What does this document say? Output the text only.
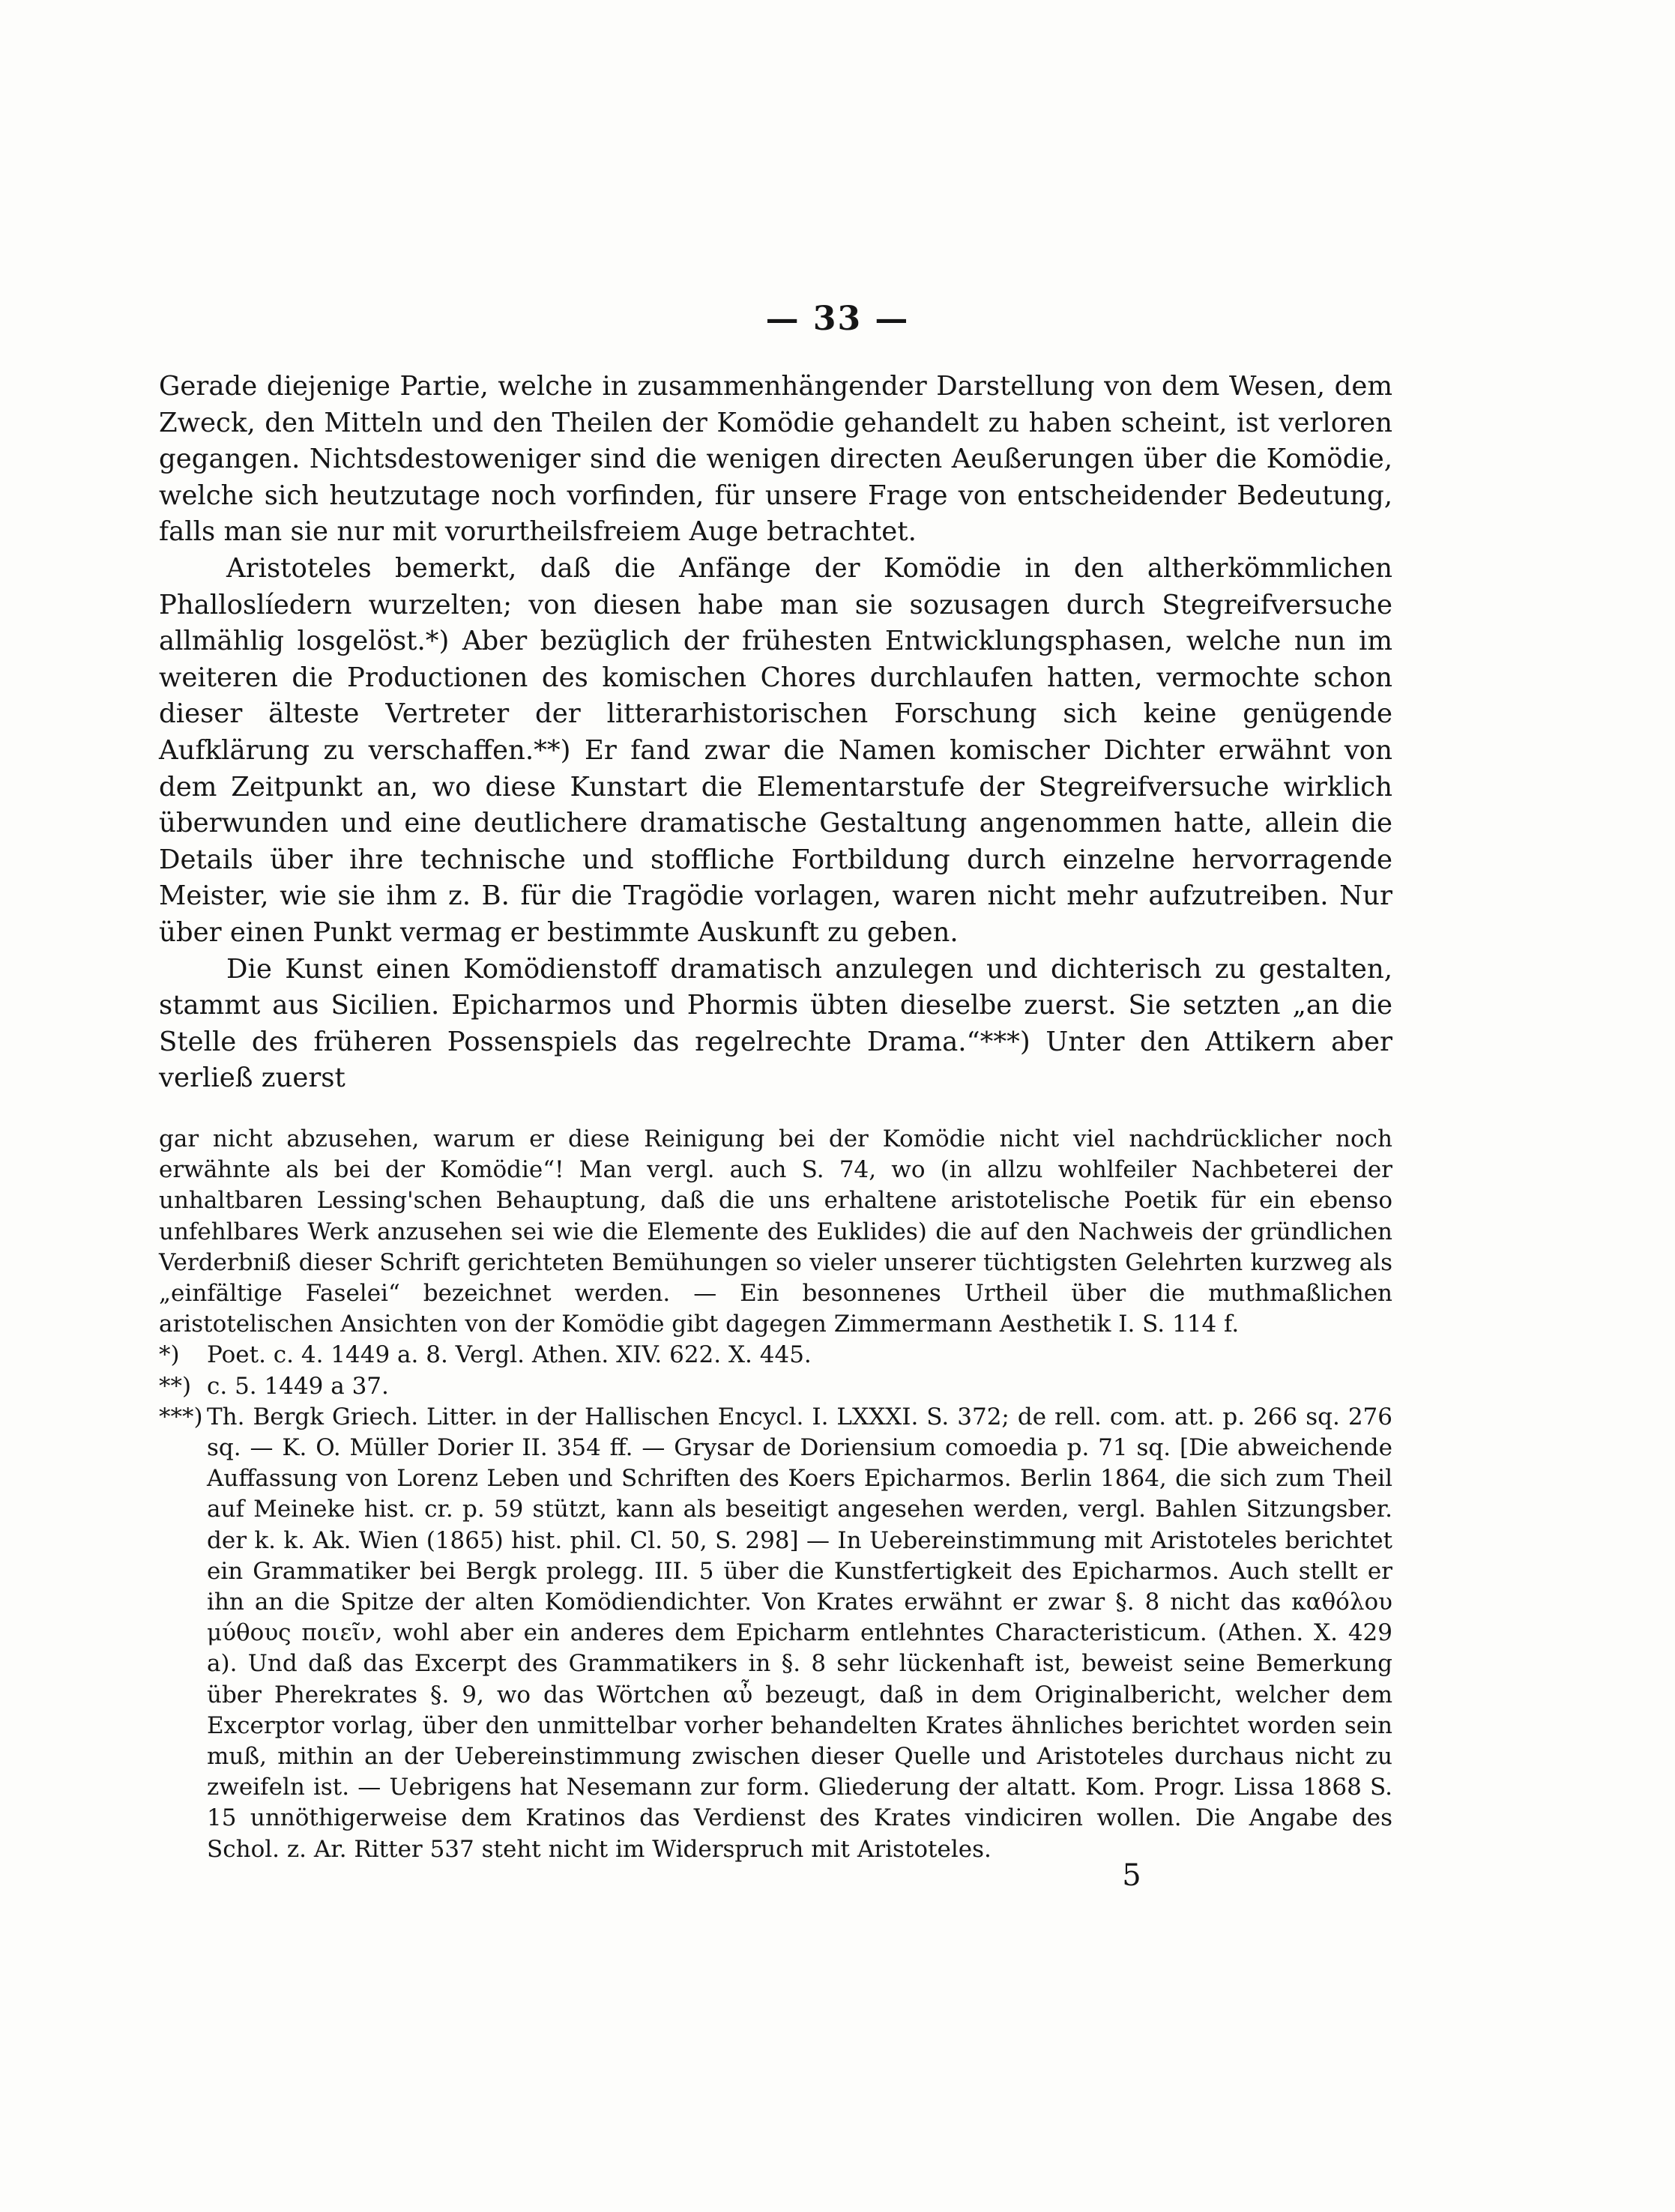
— 33 —

Gerade diejenige Partie, welche in zusammenhängender Darstellung von dem Wesen, dem Zweck, den Mitteln und den Theilen der Komödie gehandelt zu haben scheint, ist verloren gegangen. Nichtsdestoweniger sind die wenigen directen Aeußerungen über die Komödie, welche sich heutzutage noch vorfinden, für unsere Frage von entscheidender Bedeutung, falls man sie nur mit vorurtheilsfreiem Auge betrachtet.

Aristoteles bemerkt, daß die Anfänge der Komödie in den altherkömmlichen Phalloslíedern wurzelten; von diesen habe man sie sozusagen durch Stegreifversuche allmählig losgelöst.*) Aber bezüglich der frühesten Entwicklungsphasen, welche nun im weiteren die Productionen des komischen Chores durchlaufen hatten, vermochte schon dieser älteste Vertreter der litterarhistorischen Forschung sich keine genügende Aufklärung zu verschaffen.**) Er fand zwar die Namen komischer Dichter erwähnt von dem Zeitpunkt an, wo diese Kunstart die Elementarstufe der Stegreifversuche wirklich überwunden und eine deutlichere dramatische Gestaltung angenommen hatte, allein die Details über ihre technische und stoffliche Fortbildung durch einzelne hervorragende Meister, wie sie ihm z. B. für die Tragödie vorlagen, waren nicht mehr aufzutreiben. Nur über einen Punkt vermag er bestimmte Auskunft zu geben.

Die Kunst einen Komödienstoff dramatisch anzulegen und dichterisch zu gestalten, stammt aus Sicilien. Epicharmos und Phormis übten dieselbe zuerst. Sie setzten „an die Stelle des früheren Possenspiels das regelrechte Drama.“***) Unter den Attikern aber verließ zuerst

gar nicht abzusehen, warum er diese Reinigung bei der Komödie nicht viel nachdrücklicher noch erwähnte als bei der Komödie“! Man vergl. auch S. 74, wo (in allzu wohlfeiler Nachbeterei der unhaltbaren Lessing'schen Behauptung, daß die uns erhaltene aristotelische Poetik für ein ebenso unfehlbares Werk anzusehen sei wie die Elemente des Euklides) die auf den Nachweis der gründlichen Verderbniß dieser Schrift gerichteten Bemühungen so vieler unserer tüchtigsten Gelehrten kurzweg als „einfältige Faselei“ bezeichnet werden. — Ein besonnenes Urtheil über die muthmaßlichen aristotelischen Ansichten von der Komödie gibt dagegen Zimmermann Aesthetik I. S. 114 f.

*) Poet. c. 4. 1449 a. 8. Vergl. Athen. XIV. 622. X. 445.

**) c. 5. 1449 a 37.

***) Th. Bergk Griech. Litter. in der Hallischen Encycl. I. LXXXI. S. 372; de rell. com. att. p. 266 sq. 276 sq. — K. O. Müller Dorier II. 354 ff. — Grysar de Doriensium comoedia p. 71 sq. [Die abweichende Auffassung von Lorenz Leben und Schriften des Koers Epicharmos. Berlin 1864, die sich zum Theil auf Meineke hist. cr. p. 59 stützt, kann als beseitigt angesehen werden, vergl. Bahlen Sitzungsber. der k. k. Ak. Wien (1865) hist. phil. Cl. 50, S. 298] — In Uebereinstimmung mit Aristoteles berichtet ein Grammatiker bei Bergk prolegg. III. 5 über die Kunstfertigkeit des Epicharmos. Auch stellt er ihn an die Spitze der alten Komödiendichter. Von Krates erwähnt er zwar §. 8 nicht das καθόλου μύθους ποιεῖν, wohl aber ein anderes dem Epicharm entlehntes Characteristicum. (Athen. X. 429 a). Und daß das Excerpt des Grammatikers in §. 8 sehr lückenhaft ist, beweist seine Bemerkung über Pherekrates §. 9, wo das Wörtchen αὖ bezeugt, daß in dem Originalbericht, welcher dem Excerptor vorlag, über den unmittelbar vorher behandelten Krates ähnliches berichtet worden sein muß, mithin an der Uebereinstimmung zwischen dieser Quelle und Aristoteles durchaus nicht zu zweifeln ist. — Uebrigens hat Nesemann zur form. Gliederung der altatt. Kom. Progr. Lissa 1868 S. 15 unnöthigerweise dem Kratinos das Verdienst des Krates vindiciren wollen. Die Angabe des Schol. z. Ar. Ritter 537 steht nicht im Widerspruch mit Aristoteles.

5
